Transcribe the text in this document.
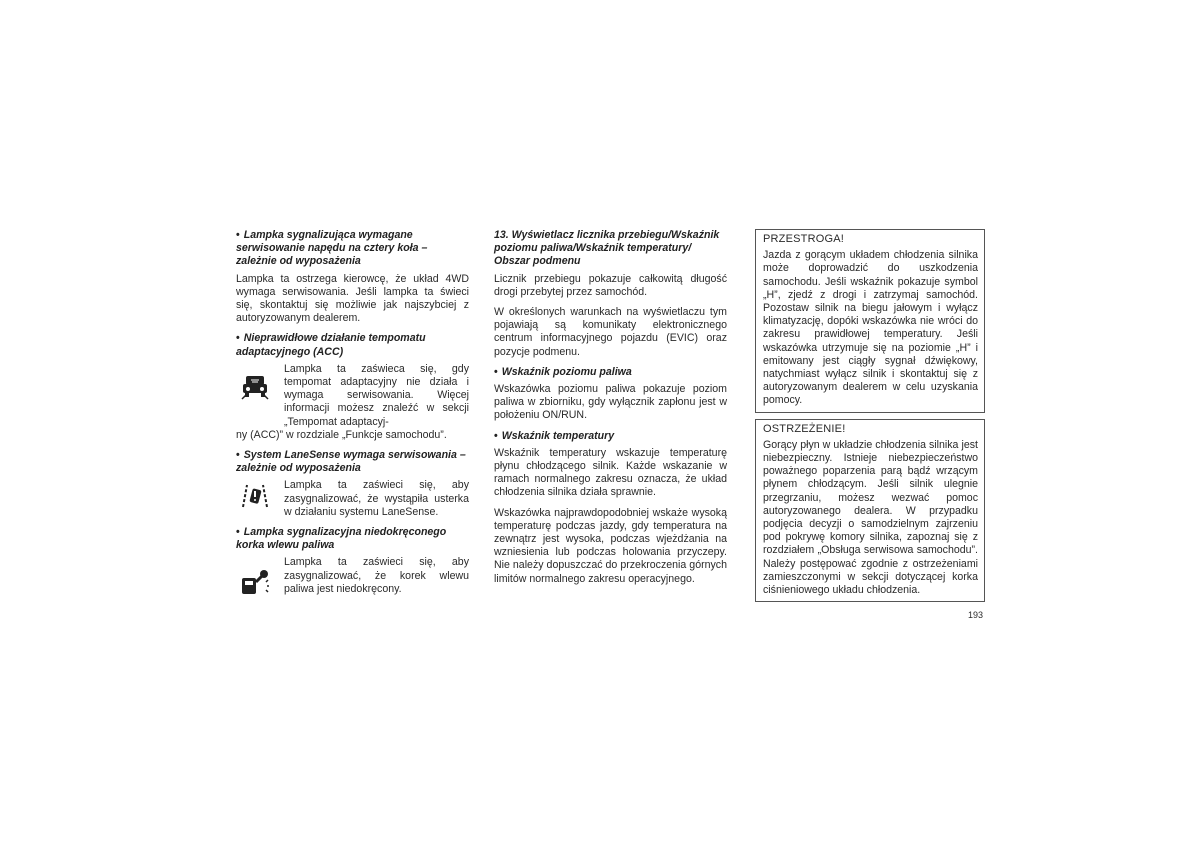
• Lampka sygnalizująca wymagane
serwisowanie napędu na cztery koła –
zależnie od wyposażenia

Lampka ta ostrzega kierowcę, że układ 4WD wymaga serwisowania. Jeśli lampka ta świeci się, skontaktuj się możliwie jak najszybciej z autoryzowanym dealerem.

• Nieprawidłowe działanie tempomatu
adaptacyjnego (ACC)
Lampka ta zaświeca się, gdy tempomat adaptacyjny nie działa i wymaga serwisowania. Więcej informacji możesz znaleźć w sekcji „Tempomat adaptacyj-
ny (ACC)” w rozdziale „Funkcje samochodu”.
• System LaneSense wymaga serwisowania –
zależnie od wyposażenia
Lampka ta zaświeci się, aby zasygnalizować, że wystąpiła usterka w działaniu systemu LaneSense.
• Lampka sygnalizacyjna niedokręconego
korka wlewu paliwa
Lampka ta zaświeci się, aby zasygnalizować, że korek wlewu paliwa jest niedokręcony.
13. Wyświetlacz licznika przebiegu/Wskaźnik
poziomu paliwa/Wskaźnik temperatury/
Obszar podmenu

Licznik przebiegu pokazuje całkowitą długość drogi przebytej przez samochód.

W określonych warunkach na wyświetlaczu tym pojawiają są komunikaty elektronicznego centrum informacyjnego pojazdu (EVIC) oraz pozycje podmenu.

• Wskaźnik poziomu paliwa

Wskazówka poziomu paliwa pokazuje poziom paliwa w zbiorniku, gdy wyłącznik zapłonu jest w położeniu ON/RUN.

• Wskaźnik temperatury

Wskaźnik temperatury wskazuje temperaturę płynu chłodzącego silnik. Każde wskazanie w ramach normalnego zakresu oznacza, że układ chłodzenia silnika działa sprawnie.

Wskazówka najprawdopodobniej wskaże wysoką temperaturę podczas jazdy, gdy temperatura na zewnątrz jest wysoka, podczas wjeżdżania na wzniesienia lub podczas holowania przyczepy. Nie należy dopuszczać do przekroczenia górnych limitów normalnego zakresu operacyjnego.

PRZESTROGA!
Jazda z gorącym układem chłodzenia silnika może doprowadzić do uszkodzenia samochodu. Jeśli wskaźnik pokazuje symbol „H”, zjedź z drogi i zatrzymaj samochód. Pozostaw silnik na biegu jałowym i wyłącz klimatyzację, dopóki wskazówka nie wróci do zakresu prawidłowej temperatury. Jeśli wskazówka utrzymuje się na poziomie „H” i emitowany jest ciągły sygnał dźwiękowy, natychmiast wyłącz silnik i skontaktuj się z autoryzowanym dealerem w celu uzyskania pomocy.
OSTRZEŻENIE!
Gorący płyn w układzie chłodzenia silnika jest niebezpieczny. Istnieje niebezpieczeństwo poważnego poparzenia parą bądź wrzącym płynem chłodzącym. Jeśli silnik ulegnie przegrzaniu, możesz wezwać pomoc autoryzowanego dealera. W przypadku podjęcia decyzji o samodzielnym zajrzeniu pod pokrywę komory silnika, zapoznaj się z rozdziałem „Obsługa serwisowa samochodu”. Należy postępować zgodnie z ostrzeżeniami zamieszczonymi w sekcji dotyczącej korka ciśnieniowego układu chłodzenia.
193
